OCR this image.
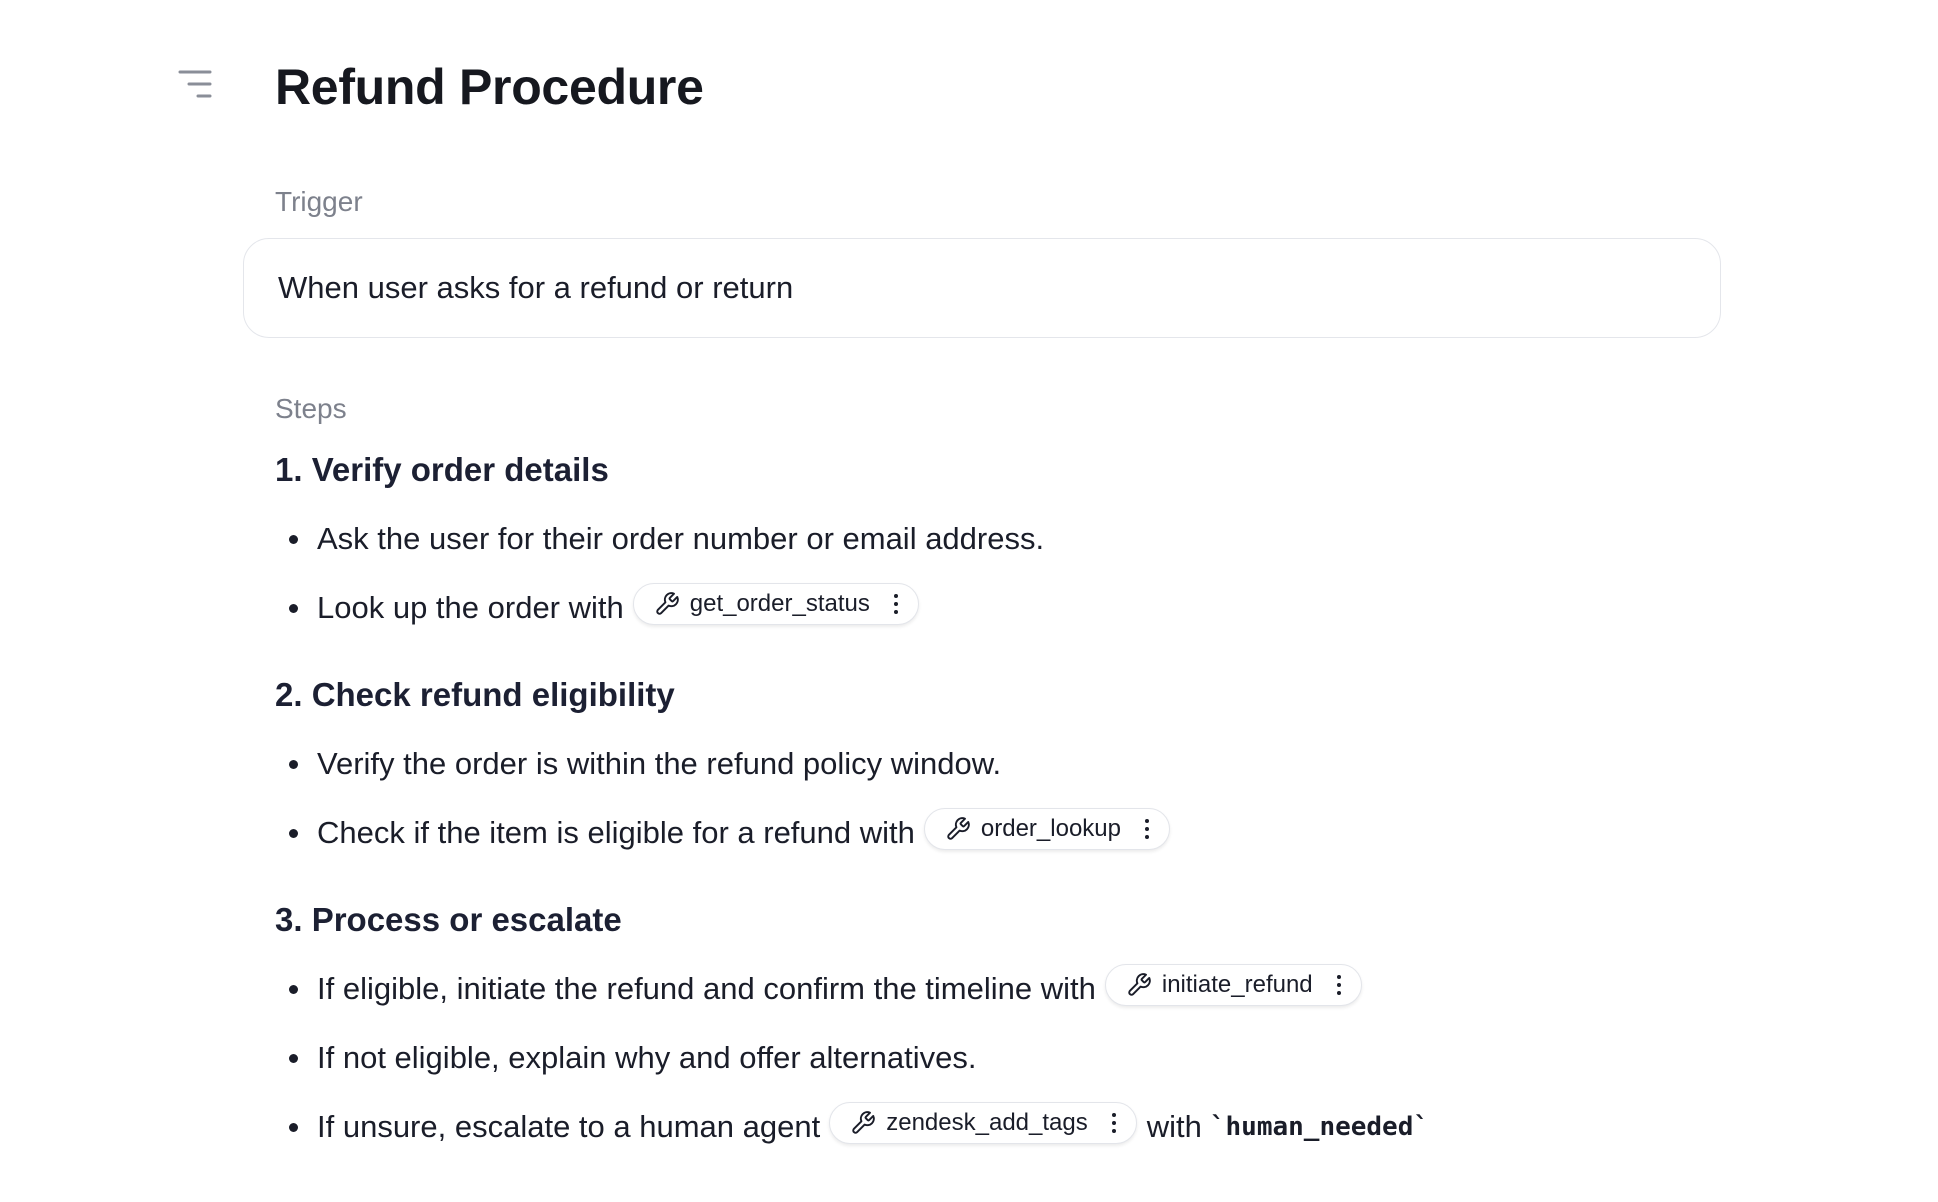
Refund Procedure
Trigger
When user asks for a refund or return
Steps
1. Verify order details
Ask the user for their order number or email address.
Look up the order with	get_order_status
2. Check refund eligibility
Verify the order is within the refund policy window.
Check if the item is eligible for a refund with	order_lookup
3. Process or escalate
If eligible, initiate the refund and confirm the timeline with	initiate_refund
If not eligible, explain why and offer alternatives.
If unsure, escalate to a human agent	zendesk_add_tags with `human_needed`
